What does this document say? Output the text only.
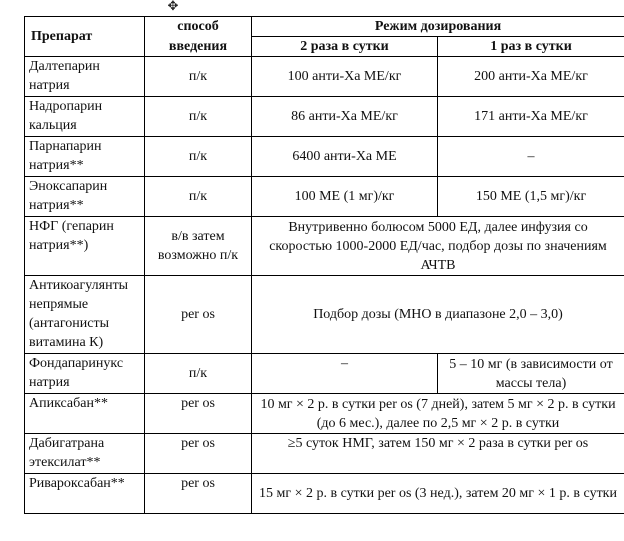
✥
Препарат	способ	Режим дозирования	
	введения	2 раза в сутки	1 раз в сутки
Далтепарин натрия	п/к	100 анти-Ха МЕ/кг	200 анти-Ха МЕ/кг
Надропарин кальция	п/к	86 анти-Ха МЕ/кг	171 анти-Ха МЕ/кг
Парнапарин натрия**	п/к	6400 анти-Ха МЕ	–
Эноксапарин натрия**	п/к	100 МЕ (1 мг)/кг	150 МЕ (1,5 мг)/кг
НФГ (гепарин натрия**)	в/в затем возможно п/к	Внутривенно болюсом 5000 ЕД, далее инфузия со скоростью 1000-2000 ЕД/час, подбор дозы по значениям АЧТВ	
Антикоагулянты непрямые (антагонисты витамина К)	per os	Подбор дозы (МНО в диапазоне 2,0 – 3,0)	
Фондапаринукс натрия	п/к	–	5 – 10 мг (в зависимости от массы тела)
Апиксабан**	per os	10 мг × 2 р. в сутки per os (7 дней), затем 5 мг × 2 р. в сутки (до 6 мес.), далее по 2,5 мг × 2 р. в сутки	
Дабигатрана этексилат**	per os	≥5 суток НМГ, затем 150 мг × 2 раза в сутки per os	
Ривароксабан**	per os	15 мг × 2 р. в сутки per os (3 нед.), затем 20 мг × 1 р. в сутки	
